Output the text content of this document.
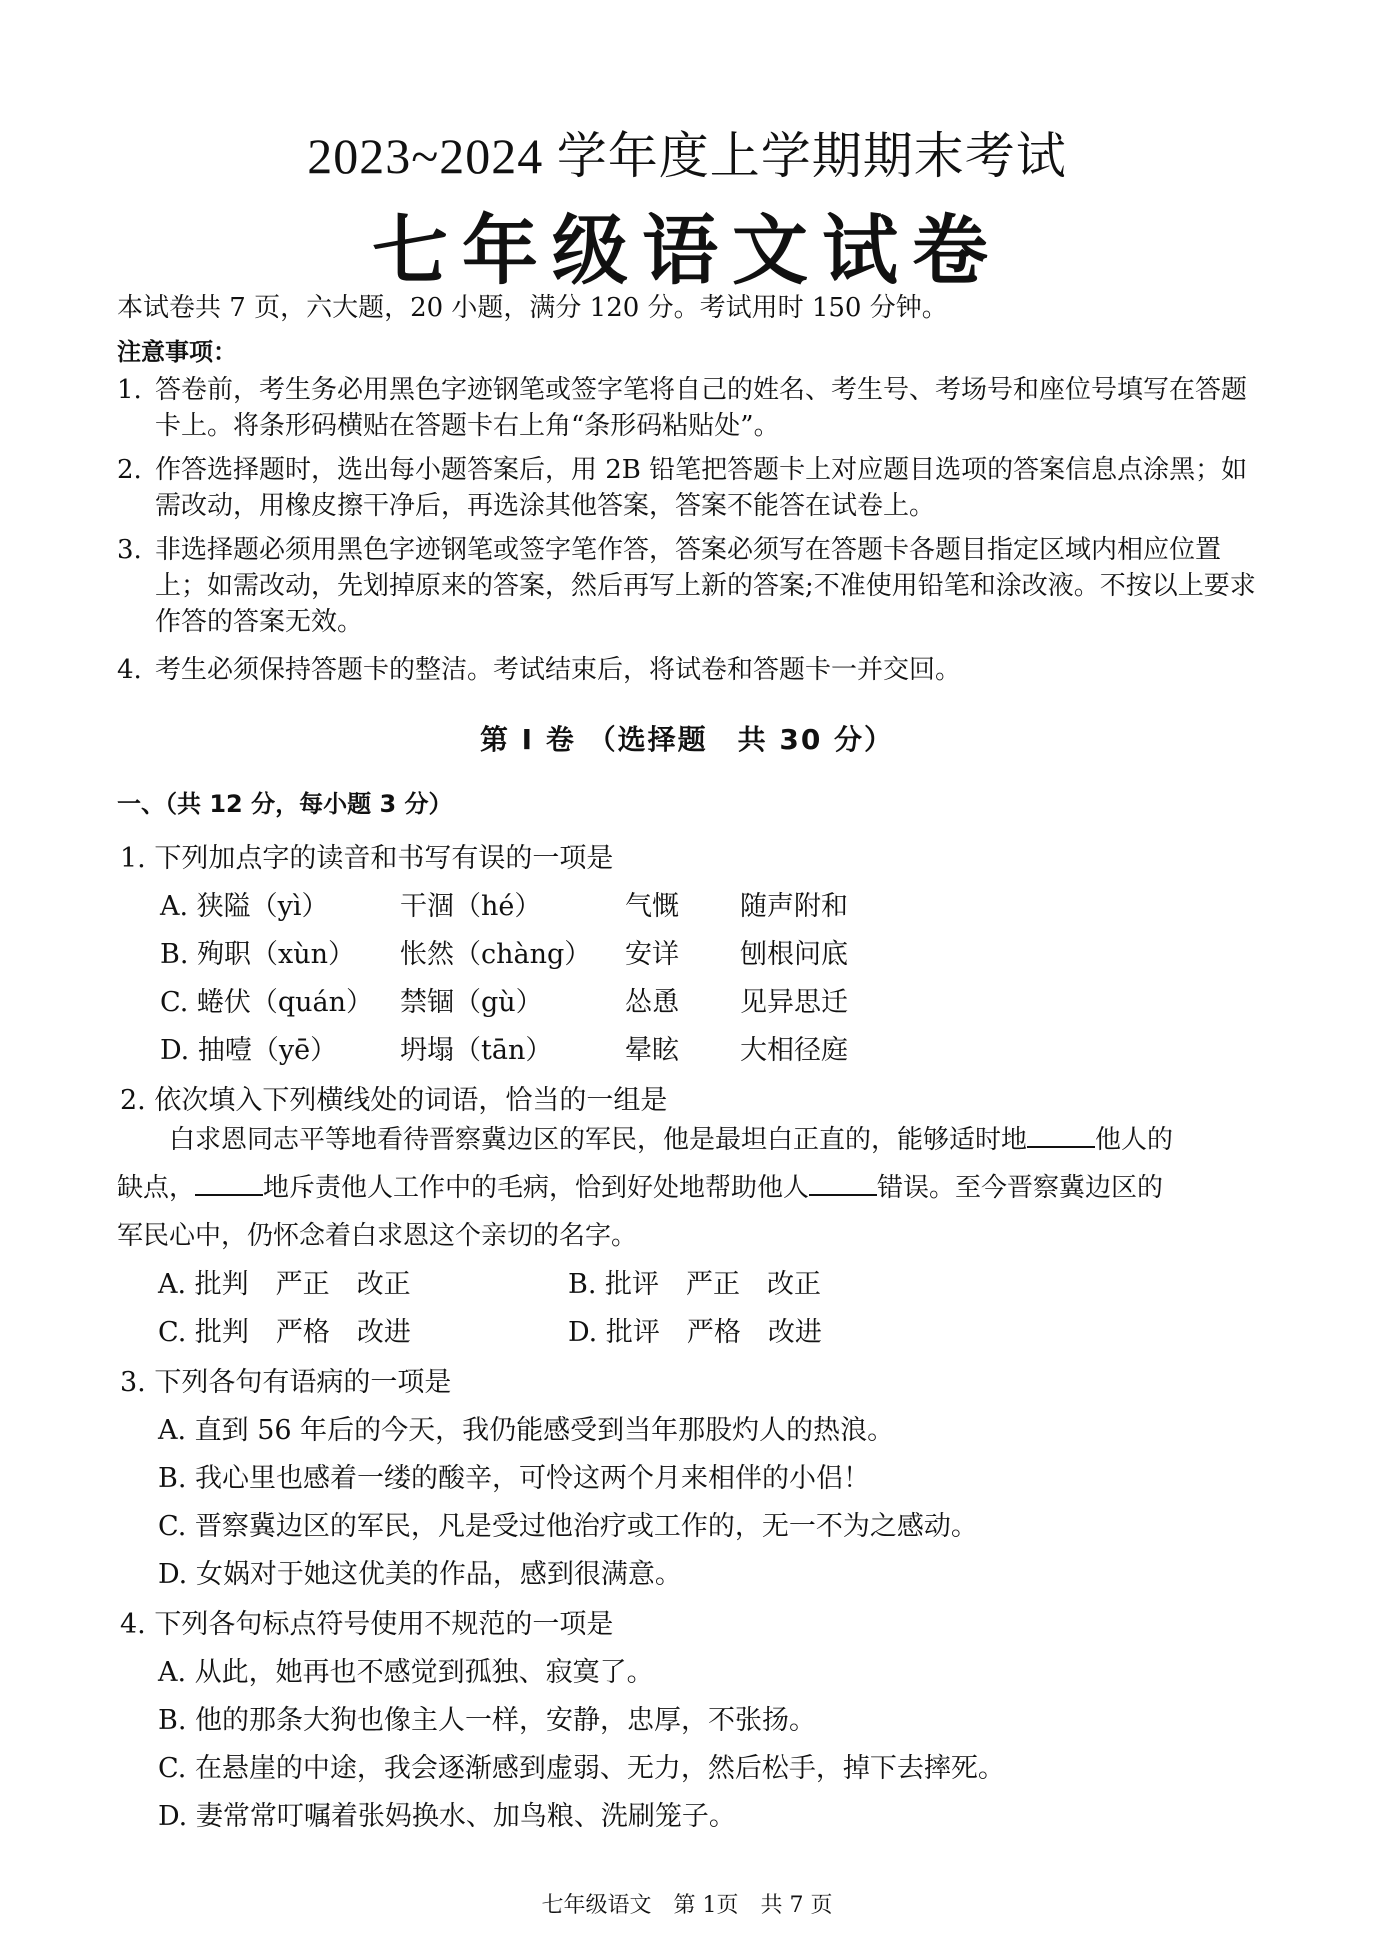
2023~2024 学年度上学期期末考试
七年级语文试卷
本试卷共 7 页，六大题，20 小题，满分 120 分。考试用时 150 分钟。
注意事项：
1. 答卷前，考生务必用黑色字迹钢笔或签字笔将自己的姓名、考生号、考场号和座位号填写在答题卡上。将条形码横贴在答题卡右上角“条形码粘贴处”。
2. 作答选择题时，选出每小题答案后，用 2B 铅笔把答题卡上对应题目选项的答案信息点涂黑；如需改动，用橡皮擦干净后，再选涂其他答案，答案不能答在试卷上。
3. 非选择题必须用黑色字迹钢笔或签字笔作答，答案必须写在答题卡各题目指定区域内相应位置上；如需改动，先划掉原来的答案，然后再写上新的答案;不准使用铅笔和涂改液。不按以上要求作答的答案无效。
4. 考生必须保持答题卡的整洁。考试结束后，将试卷和答题卡一并交回。
第 I 卷 （选择题　共 30 分）
一、（共 12 分，每小题 3 分）
1. 下列加点字的读音和书写有误的一项是
A. 狭隘（yì）	干涸（hé）	气慨 随声附和
B. 殉职（xùn） 怅然（chàng） 安详 刨根问底
C. 蜷伏（quán） 禁锢（gù）	怂恿 见异思迁
D. 抽噎（yē） 坍塌（tān）	晕眩 大相径庭
2. 依次填入下列横线处的词语，恰当的一组是
白求恩同志平等地看待晋察冀边区的军民，他是最坦白正直的，能够适时地	他人的
缺点，	地斥责他人工作中的毛病，恰到好处地帮助他人	错误。至今晋察冀边区的
军民心中，仍怀念着白求恩这个亲切的名字。
A. 批判　严正　改正	B. 批评　严正　改正
C. 批判　严格　改进	D. 批评　严格　改进
3. 下列各句有语病的一项是
A. 直到 56 年后的今天，我仍能感受到当年那股灼人的热浪。
B. 我心里也感着一缕的酸辛，可怜这两个月来相伴的小侣！
C. 晋察冀边区的军民，凡是受过他治疗或工作的，无一不为之感动。
D. 女娲对于她这优美的作品，感到很满意。
4. 下列各句标点符号使用不规范的一项是
A. 从此，她再也不感觉到孤独、寂寞了。
B. 他的那条大狗也像主人一样，安静，忠厚，不张扬。
C. 在悬崖的中途，我会逐渐感到虚弱、无力，然后松手，掉下去摔死。
D. 妻常常叮嘱着张妈换水、加鸟粮、洗刷笼子。
七年级语文　第 1页　共 7 页
